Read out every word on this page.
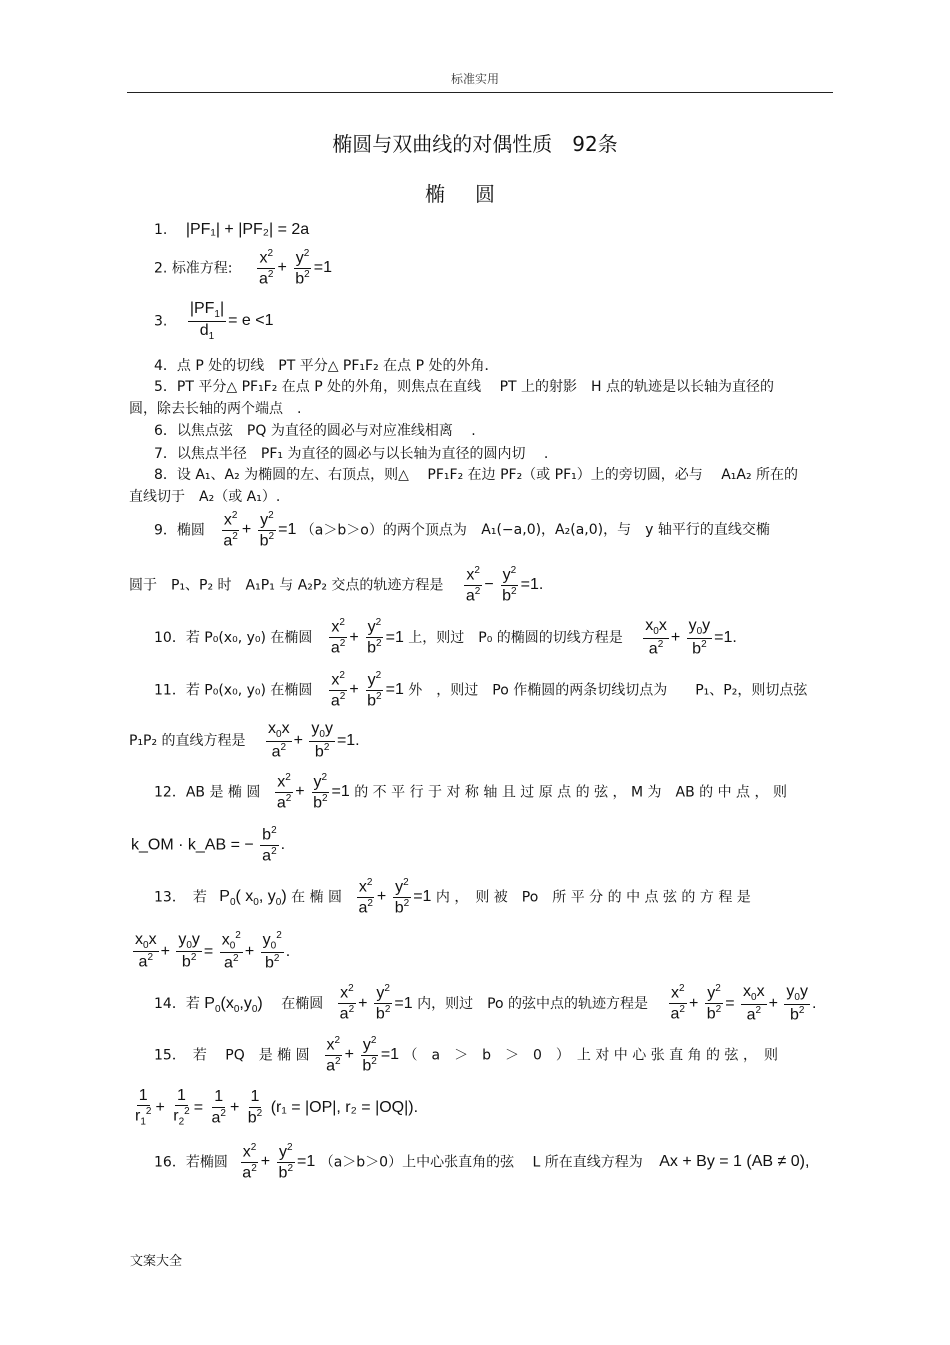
标准实用
椭圆与双曲线的对偶性质　92条
椭圆
1. |PF₁| + |PF₂| = 2a
2. 标准方程: $\frac{x^2}{a^2} + \frac{y^2}{b^2} =1$
3. $\frac{|PF_1|}{d_1} = e <1$
4．点 P 处的切线　PT 平分△ PF₁F₂ 在点 P 处的外角．
5．PT 平分△ PF₁F₂ 在点 P 处的外角，则焦点在直线　 PT 上的射影　H 点的轨迹是以长轴为直径的
圆，除去长轴的两个端点　.
6．以焦点弦　PQ 为直径的圆必与对应准线相离　 .
7．以焦点半径　PF₁ 为直径的圆必与以长轴为直径的圆内切　 .
8．设 A₁、A₂ 为椭圆的左、右顶点，则△　 PF₁F₂ 在边 PF₂（或 PF₁）上的旁切圆，必与　 A₁A₂ 所在的
直线切于　A₂（或 A₁）.
9．椭圆 $\frac{x^2}{a^2} + \frac{y^2}{b^2} =1$ （a＞b＞o）的两个顶点为 A₁(−a,0)，A₂(a,0)，与　y 轴平行的直线交椭
圆于　P₁、P₂ 时　A₁P₁ 与 A₂P₂ 交点的轨迹方程是 $\frac{x^2}{a^2} - \frac{y^2}{b^2} =1$.
10．若 P₀(x₀, y₀) 在椭圆 $\frac{x^2}{a^2} + \frac{y^2}{b^2} =1$ 上，则过　P₀ 的椭圆的切线方程是 $\frac{x_0x}{a^2} + \frac{y_0y}{b^2} =1$.
11．若 P₀(x₀, y₀) 在椭圆 $\frac{x^2}{a^2} + \frac{y^2}{b^2} =1$ 外　，则过　Po 作椭圆的两条切线切点为　　P₁、P₂，则切点弦
P₁P₂ 的直线方程是 $\frac{x_0x}{a^2} + \frac{y_0y}{b^2} =1$.
12．AB 是 椭 圆 $\frac{x^2}{a^2} + \frac{y^2}{b^2} =1$ 的 不 平 行 于 对 称 轴 且 过 原 点 的 弦 ， M 为　AB 的 中 点 ， 则
k_OM · k_AB = − $\frac{b^2}{a^2}$ .
13．　若 $P_0$( $x_0$, $y_0$) 在 椭 圆 $\frac{x^2}{a^2} + \frac{y^2}{b^2} =1$ 内 ，　则 被　Po　所 平 分 的 中 点 弦 的 方 程 是
$\frac{x_0x}{a^2} + \frac{y_0y}{b^2} = \frac{x_0^2}{a^2} + \frac{y_0^2}{b^2}$ .
14．若 $P_0(x_0,y_0)$ 在椭圆 $\frac{x^2}{a^2} + \frac{y^2}{b^2} =1$ 内，则过　Po 的弦中点的轨迹方程是 $\frac{x^2}{a^2} + \frac{y^2}{b^2} = \frac{x_0x}{a^2} + \frac{y_0y}{b^2}$ .
15．　若　 PQ　是 椭 圆 $\frac{x^2}{a^2} + \frac{y^2}{b^2} =1$ （　a　＞　b　＞　0　）　上 对 中 心 张 直 角 的 弦 ，　则
$\frac{1}{r_1^2} + \frac{1}{r_2^2} = \frac{1}{a^2} + \frac{1}{b^2} (r_1 = |OP|$, r₂ = |OQ|).
16．若椭圆 $\frac{x^2}{a^2} + \frac{y^2}{b^2} =1$ （a＞b＞0）上中心张直角的弦　 L 所在直线方程为 Ax + By = 1 (AB ≠ 0),
文案大全
